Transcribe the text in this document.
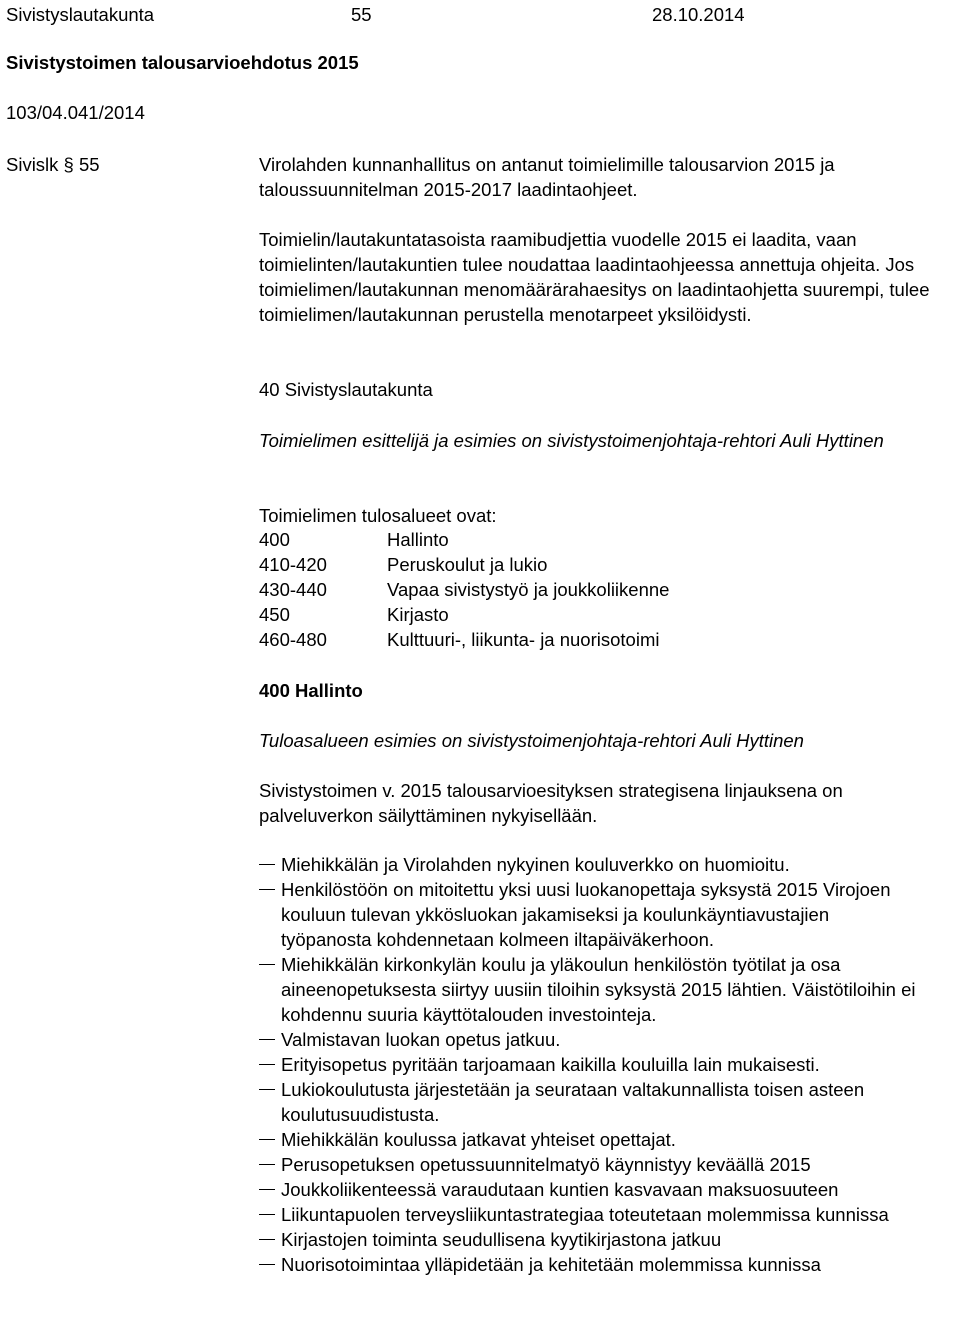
Sivistyslautakunta	55	28.10.2014
Sivistystoimen talousarvioehdotus 2015
103/04.041/2014
Sivislk § 55	Virolahden kunnanhallitus on antanut toimielimille talousarvion 2015 ja taloussuunnitelman 2015-2017 laadintaohjeet.
Toimielin/lautakuntatasoista raamibudjettia vuodelle 2015 ei laadita, vaan toimielinten/lautakuntien tulee noudattaa laadintaohjeessa annettuja ohjeita. Jos toimielimen/lautakunnan menomäärärahaesitys on laadintaohjetta suurempi, tulee toimielimen/lautakunnan perustella menotarpeet yksilöidysti.
40 Sivistyslautakunta
Toimielimen esittelijä ja esimies on sivistystoimenjohtaja-rehtori Auli Hyttinen
Toimielimen tulosalueet ovat:
400	Hallinto
410-420	Peruskoulut ja lukio
430-440	Vapaa sivistystyö ja joukkoliikenne
450	Kirjasto
460-480	Kulttuuri-, liikunta- ja nuorisotoimi
400 Hallinto
Tuloasalueen esimies on sivistystoimenjohtaja-rehtori Auli Hyttinen
Sivistystoimen v. 2015 talousarvioesityksen strategisena linjauksena on palveluverkon säilyttäminen nykyisellään.
Miehikkälän ja Virolahden nykyinen kouluverkko on huomioitu.
Henkilöstöön on mitoitettu yksi uusi luokanopettaja syksystä 2015 Virojoen kouluun tulevan ykkösluokan jakamiseksi ja koulunkäyntiavustajien työpanosta kohdennetaan kolmeen iltapäiväkerhoon.
Miehikkälän kirkonkylän koulu ja yläkoulun henkilöstön työtilat ja osa aineenopetuksesta siirtyy uusiin tiloihin syksystä 2015 lähtien. Väistötiloihin ei kohdennu suuria käyttötalouden investointeja.
Valmistavan luokan opetus jatkuu.
Erityisopetus pyritään tarjoamaan kaikilla kouluilla lain mukaisesti.
Lukiokoulutusta järjestetään ja seurataan valtakunnallista toisen asteen koulutusuudistusta.
Miehikkälän koulussa jatkavat yhteiset opettajat.
Perusopetuksen opetussuunnitelmatyö käynnistyy keväällä 2015
Joukkoliikenteessä varaudutaan kuntien kasvavaan maksuosuuteen
Liikuntapuolen terveysliikuntastrategiaa toteutetaan molemmissa kunnissa
Kirjastojen toiminta seudullisena kyytikirjastona jatkuu
Nuorisotoimintaa ylläpidetään ja kehitetään molemmissa kunnissa
